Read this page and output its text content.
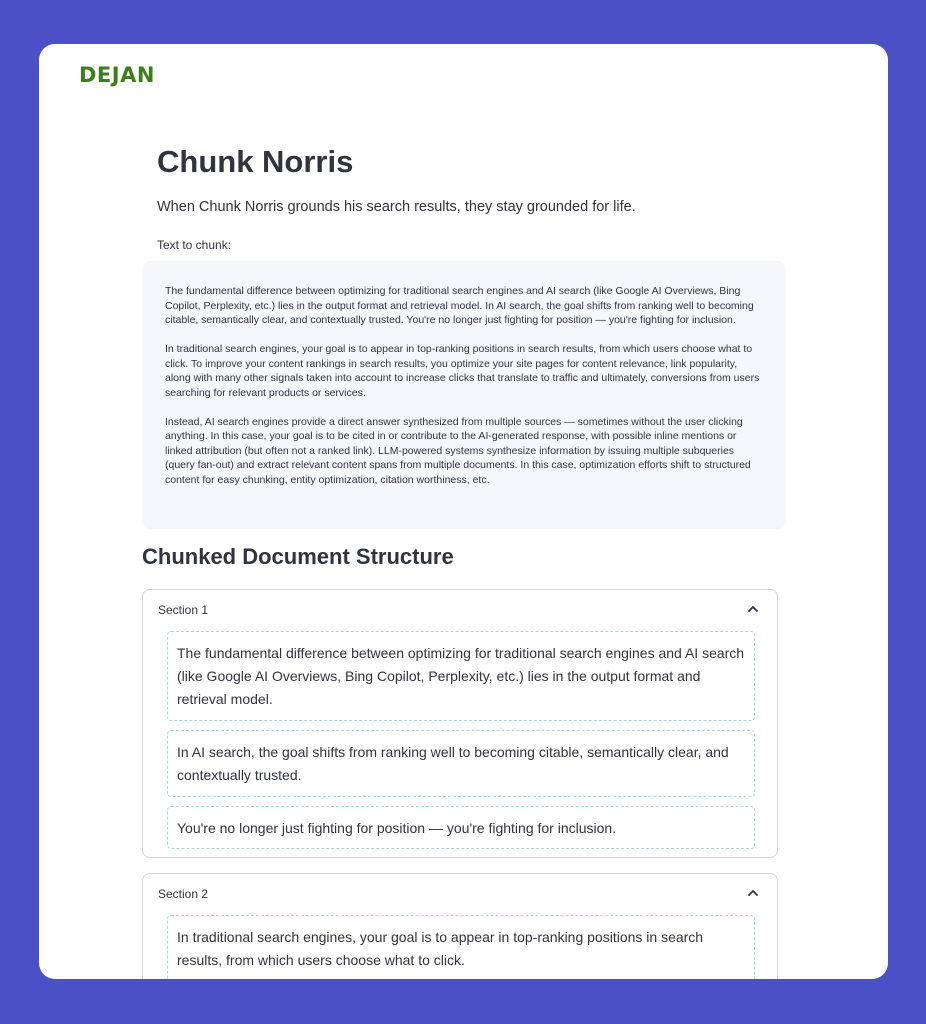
DEJAN
Chunk Norris

When Chunk Norris grounds his search results, they stay grounded for life.

Text to chunk:

The fundamental difference between optimizing for traditional search engines and AI search (like Google AI Overviews, Bing Copilot, Perplexity, etc.) lies in the output format and retrieval model. In AI search, the goal shifts from ranking well to becoming citable, semantically clear, and contextually trusted. You're no longer just fighting for position — you're fighting for inclusion.

In traditional search engines, your goal is to appear in top-ranking positions in search results, from which users choose what to click. To improve your content rankings in search results, you optimize your site pages for content relevance, link popularity, along with many other signals taken into account to increase clicks that translate to traffic and ultimately, conversions from users searching for relevant products or services.

Instead, AI search engines provide a direct answer synthesized from multiple sources — sometimes without the user clicking anything. In this case, your goal is to be cited in or contribute to the AI-generated response, with possible inline mentions or linked attribution (but often not a ranked link). LLM-powered systems synthesize information by issuing multiple subqueries (query fan-out) and extract relevant content spans from multiple documents. In this case, optimization efforts shift to structured content for easy chunking, entity optimization, citation worthiness, etc.

Chunked Document Structure
Section 1
The fundamental difference between optimizing for traditional search engines and AI search (like Google AI Overviews, Bing Copilot, Perplexity, etc.) lies in the output format and retrieval model.
In AI search, the goal shifts from ranking well to becoming citable, semantically clear, and contextually trusted.
You're no longer just fighting for position — you're fighting for inclusion.
Section 2
In traditional search engines, your goal is to appear in top-ranking positions in search results, from which users choose what to click.
